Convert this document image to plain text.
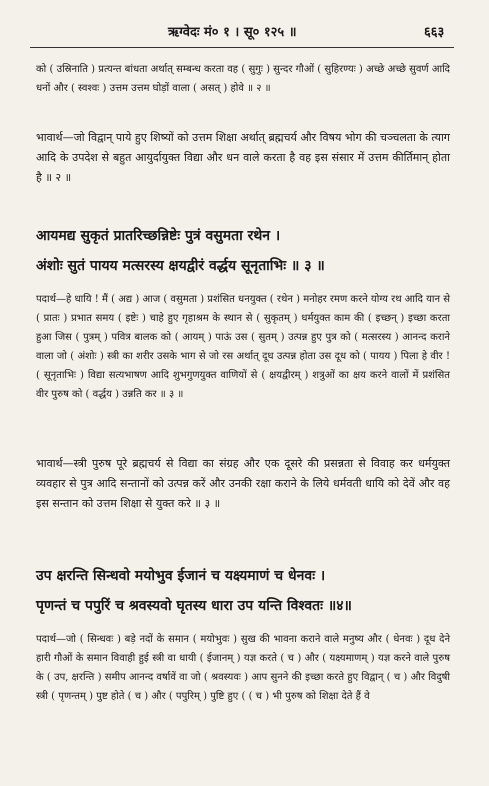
ऋग्वेदः मं० १ । सू० १२५ ॥	६६३
को ( उस्रिनाति ) प्रत्यन्त बांधता अर्थात् सम्बन्ध करता वह ( सुगुः ) सुन्दर गौओं ( सुहिरण्यः ) अच्छे अच्छे सुवर्ण आदि धनों और ( स्वश्वः ) उत्तम उत्तम घोड़ों वाला ( असत् ) होवे ॥ २ ॥
भावार्थ—जो विद्वान् पाये हुए शिष्यों को उत्तम शिक्षा अर्थात् ब्रह्मचर्य और विषय भोग की चञ्चलता के त्याग आदि के उपदेश से बहुत आयुर्दायुक्त विद्या और धन वाले करता है वह इस संसार में उत्तम कीर्तिमान् होता है ॥ २ ॥
आयमद्य सुकृतं प्रातरिच्छन्निष्टेः पुत्रं वसुमता रथेन ।
अंशोः सुतं पायय मत्सरस्य क्षयद्वीरं वर्द्धय सूनृताभिः ॥ ३ ॥
पदार्थ—हे धायि ! मैं ( अद्य ) आज ( वसुमता ) प्रशंसित धनयुक्त ( रथेन ) मनोहर रमण करने योग्य रथ आदि यान से ( प्रातः ) प्रभात समय ( इष्टेः ) चाहे हुए गृहाश्रम के स्थान से ( सुकृतम् ) धर्मयुक्त काम की ( इच्छन् ) इच्छा करता हुआ जिस ( पुत्रम् ) पवित्र बालक को ( आयम् ) पाऊं उस ( सुतम् ) उत्पन्न हुए पुत्र को ( मत्सरस्य ) आनन्द कराने वाला जो ( अंशोः ) स्त्री का शरीर उसके भाग से जो रस अर्थात् दूध उत्पन्न होता उस दूध को ( पायय ) पिला हे वीर ! ( सूनृताभिः ) विद्या सत्यभाषण आदि शुभगुणयुक्त वाणियों से ( क्षयद्वीरम् ) शत्रुओं का क्षय करने वालों में प्रशंसित वीर पुरुष को ( वर्द्धय ) उन्नति कर ॥ ३ ॥
भावार्थ—स्त्री पुरुष पूरे ब्रह्मचर्य से विद्या का संग्रह और एक दूसरे की प्रसन्नता से विवाह कर धर्मयुक्त व्यवहार से पुत्र आदि सन्तानों को उत्पन्न करें और उनकी रक्षा कराने के लिये धर्मवती धायि को देवें और वह इस सन्तान को उत्तम शिक्षा से युक्त करे ॥ ३ ॥
उप क्षरन्ति सिन्धवो मयोभुव ईजानं च यक्ष्यमाणं च धेनवः ।
पृणन्तं च पपुरिं च श्रवस्यवो घृतस्य धारा उप यन्ति विश्वतः ॥४॥
पदार्थ—जो ( सिन्धवः ) बड़े नदों के समान ( मयोभुवः ) सुख की भावना कराने वाले मनुष्य और ( धेनवः ) दूध देने हारी गौओं के समान विवाही हुई स्त्री वा धायी ( ईजानम् ) यज्ञ करते ( च ) और ( यक्ष्यमाणम् ) यज्ञ करने वाले पुरुष के ( उप, क्षरन्ति ) समीप आनन्द वर्षावें वा जो ( श्रवस्यवः ) आप सुनने की इच्छा करते हुए विद्वान् ( च ) और विदुषी स्त्री ( पृणन्तम् ) पुष्ट होते ( च ) और ( पपुरिम् ) पुष्टि हुए ( ( च ) भी पुरुष को शिक्षा देते हैं वे
